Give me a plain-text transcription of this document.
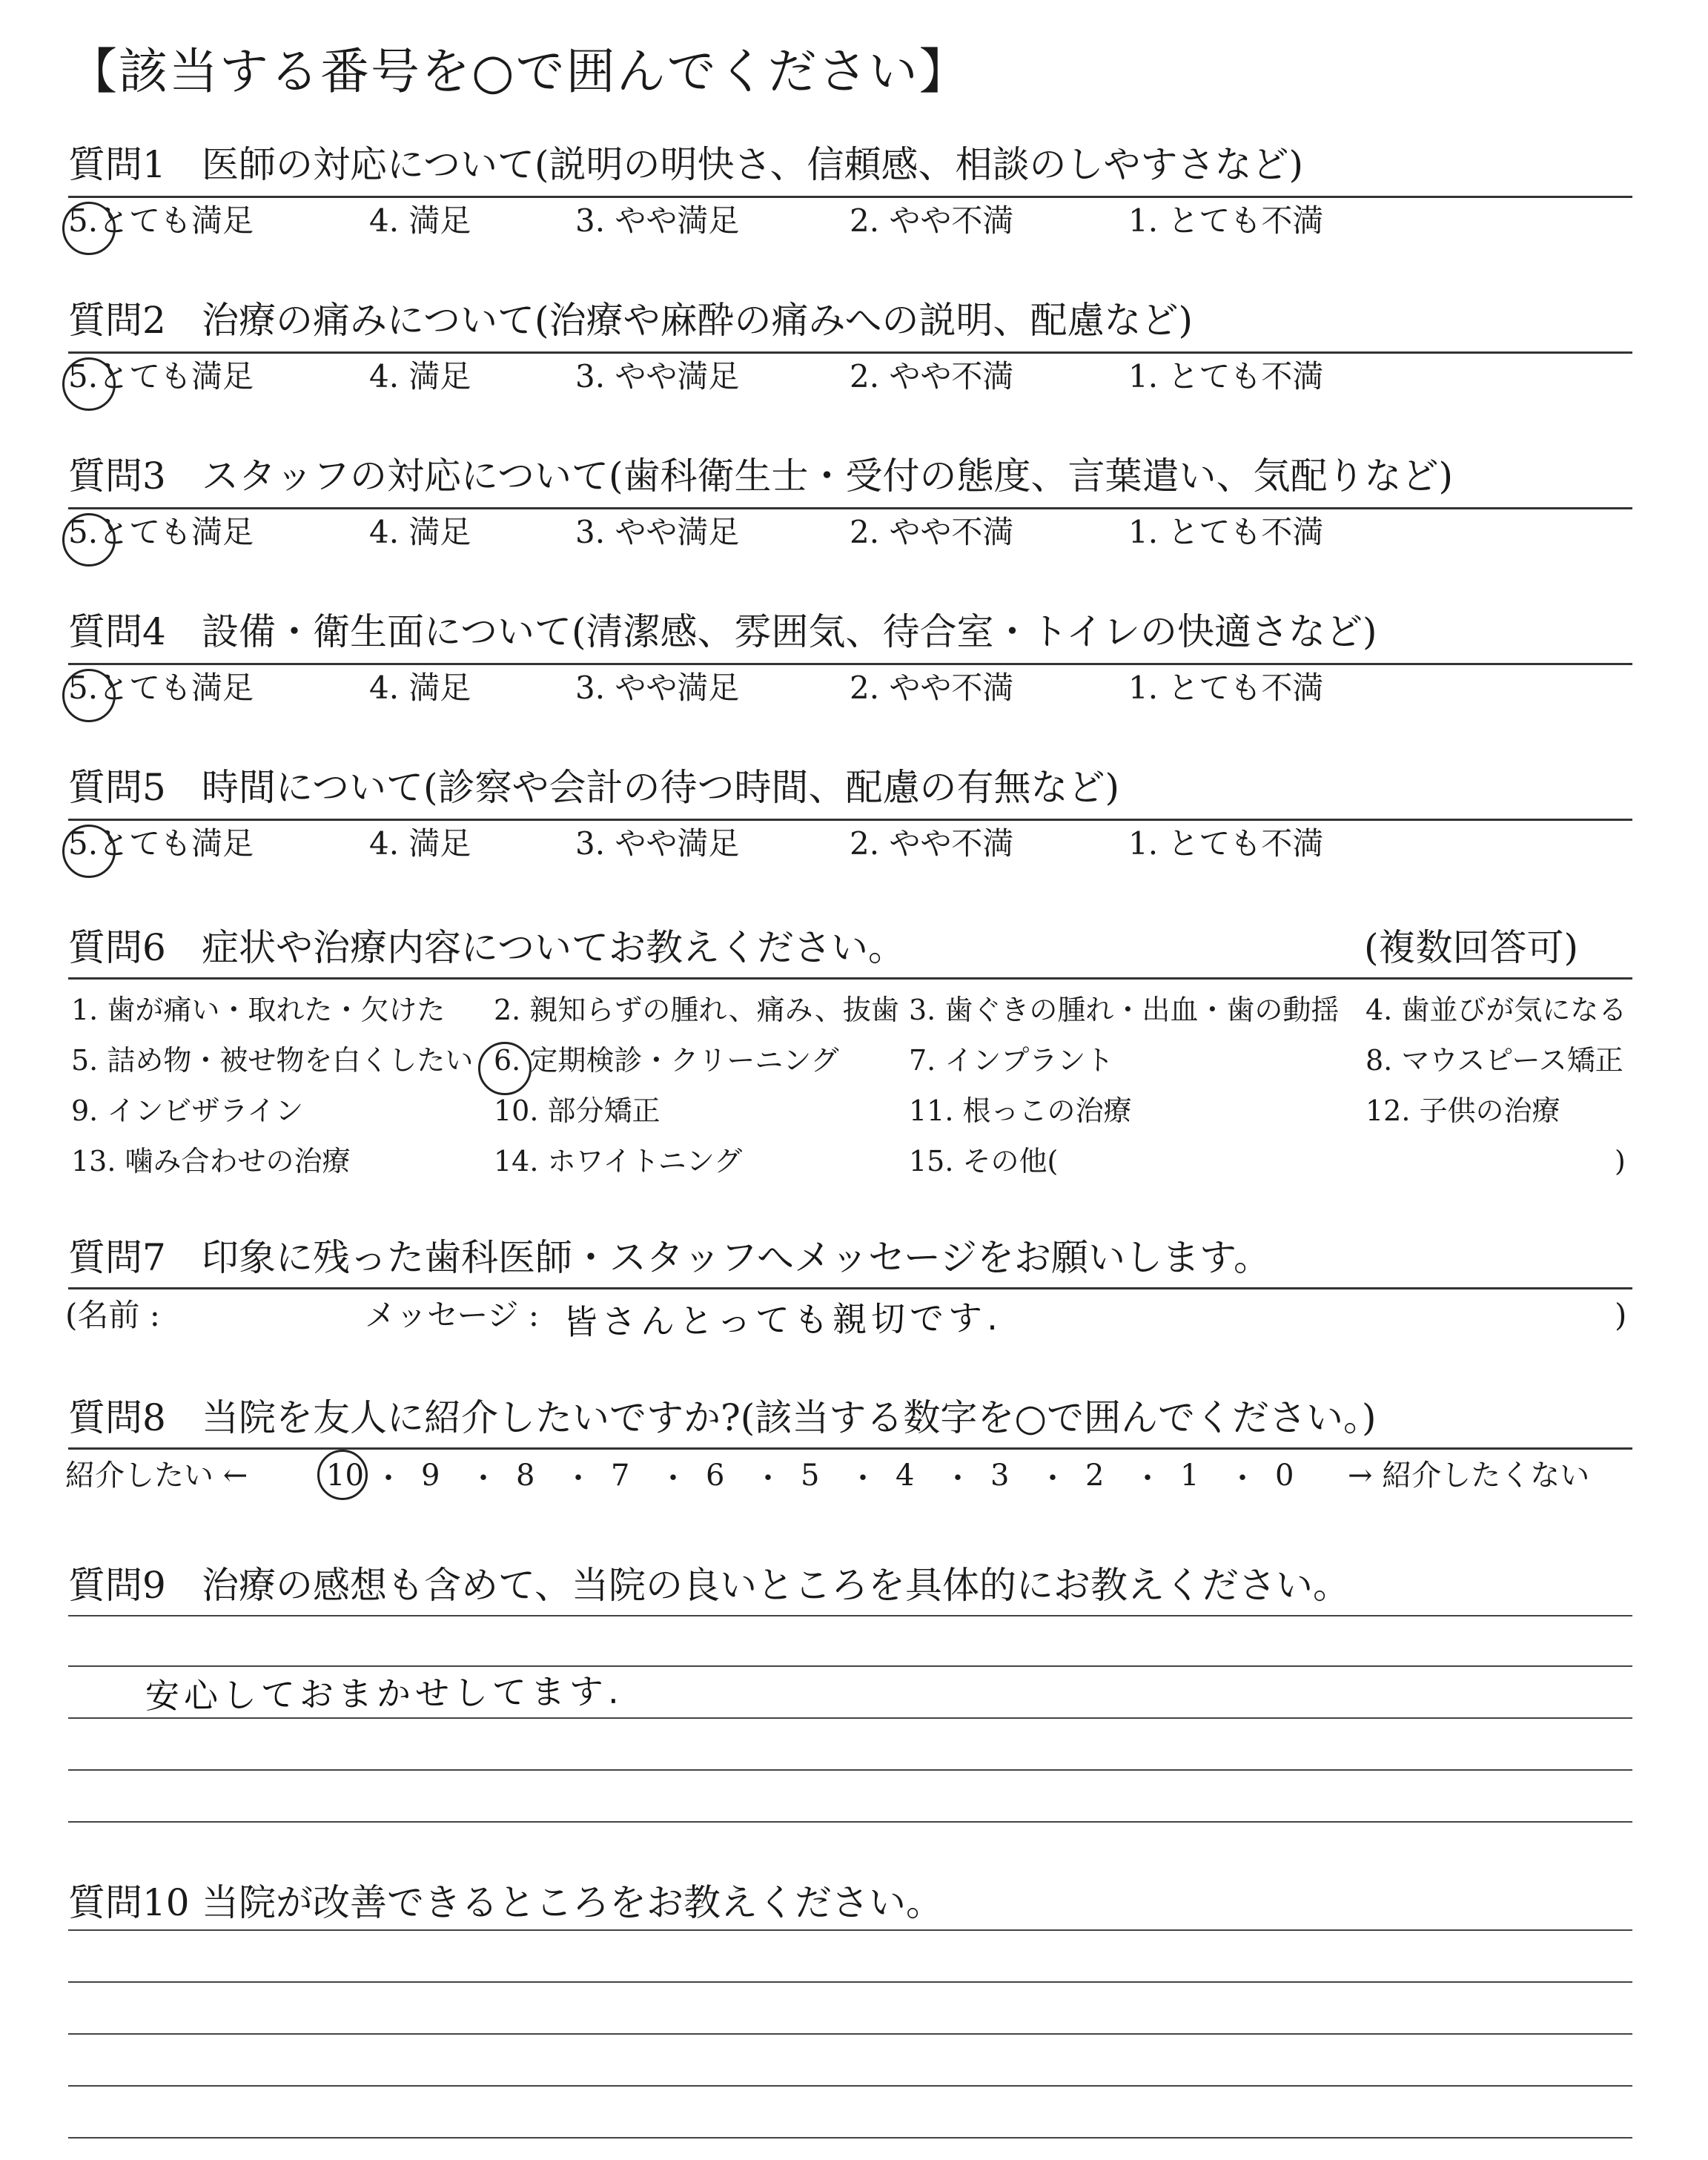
【該当する番号を○で囲んでください】
質問1 医師の対応について(説明の明快さ、信頼感、相談のしやすさなど)
5.とても満足	4. 満足	3. やや満足	2. やや不満	1. とても不満
質問2 治療の痛みについて(治療や麻酔の痛みへの説明、配慮など)
5.とても満足	4. 満足	3. やや満足	2. やや不満	1. とても不満
質問3 スタッフの対応について(歯科衛生士・受付の態度、言葉遣い、気配りなど)
5.とても満足	4. 満足	3. やや満足	2. やや不満	1. とても不満
質問4 設備・衛生面について(清潔感、雰囲気、待合室・トイレの快適さなど)
5.とても満足	4. 満足	3. やや満足	2. やや不満	1. とても不満
質問5 時間について(診察や会計の待つ時間、配慮の有無など)
5.とても満足	4. 満足	3. やや満足	2. やや不満	1. とても不満
質問6 症状や治療内容についてお教えください。	(複数回答可)
1. 歯が痛い・取れた・欠けた 2. 親知らずの腫れ、痛み、抜歯 3. 歯ぐきの腫れ・出血・歯の動揺 4. 歯並びが気になる
5. 詰め物・被せ物を白くしたい 6. 定期検診・クリーニング 7. インプラント	8. マウスピース矯正
9. インビザライン	10. 部分矯正	11. 根っこの治療	12. 子供の治療
13. 噛み合わせの治療	14. ホワイトニング	15. その他(	)
質問7 印象に残った歯科医師・スタッフへメッセージをお願いします。
(名前 :	メッセージ : 皆さんとっても親切です.	)
質問8 当院を友人に紹介したいですか?(該当する数字を○で囲んでください。)
紹介したい ←	10 ・ 9 ・ 8 ・ 7 ・ 6 ・ 5 ・ 4 ・ 3 ・ 2 ・ 1 ・ 0 → 紹介したくない
質問9 治療の感想も含めて、当院の良いところを具体的にお教えください。
安心しておまかせしてます.
質問10 当院が改善できるところをお教えください。
